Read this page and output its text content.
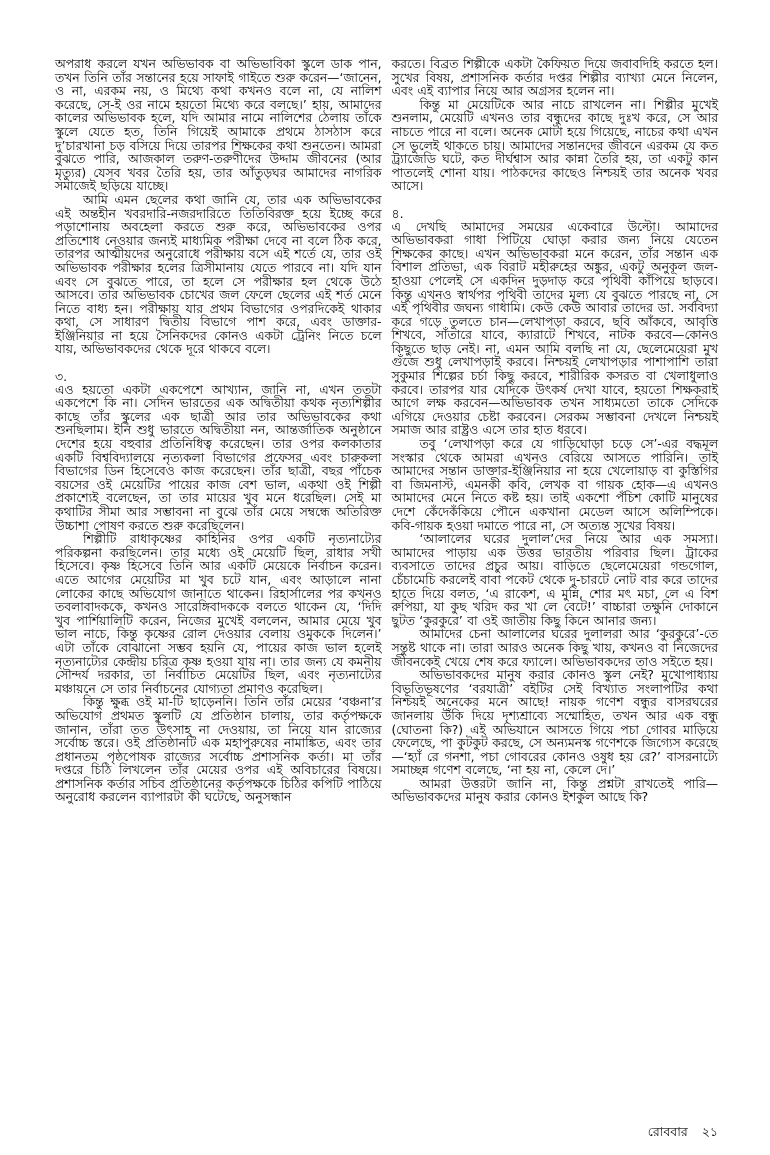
অপরাধ করলে যখন অভিভাবক বা অভিভাবিকা স্কুলে ডাক পান, তখন তিনি তাঁর সন্তানের হয়ে সাফাই গাইতে শুরু করেন—‘জানেন, ও না, এরকম নয়, ও মিথ্যে কথা কখনও বলে না, যে নালিশ করেছে, সে-ই ওর নামে হয়তো মিথ্যে করে বলছে।’ হায়, আমাদের কালের অভিভাবক হলে, যদি আমার নামে নালিশের ঠেলায় তাঁকে স্কুলে যেতে হত, তিনি গিয়েই আমাকে প্রথমে ঠাসঠাস করে দু’চারখানা চড় বসিয়ে দিয়ে তারপর শিক্ষকের কথা শুনতেন। আমরা বুঝতে পারি, আজকাল তরুণ-তরুণীদের উদ্দাম জীবনের (আর মৃত্যুর) যেসব খবর তৈরি হয়, তার আঁতুড়ঘর আমাদের নাগরিক সমাজেই ছড়িয়ে যাচ্ছে।

আমি এমন ছেলের কথা জানি যে, তার এক অভিভাবকের এই অন্তহীন খবরদারি-নজরদারিতে তিতিবিরক্ত হয়ে ইচ্ছে করে পড়াশোনায় অবহেলা করতে শুরু করে, অভিভাবকের ওপর প্রতিশোধ নেওয়ার জন্যই মাধ্যমিক পরীক্ষা দেবে না বলে ঠিক করে, তারপর আত্মীয়দের অনুরোধে পরীক্ষায় বসে এই শর্তে যে, তার ওই অভিভাবক পরীক্ষার হলের ত্রিসীমানায় যেতে পারবে না। যদি যান এবং সে বুঝতে পারে, তা হলে সে পরীক্ষার হল থেকে উঠে আসবে। তার অভিভাবক চোখের জল ফেলে ছেলের এই শর্ত মেনে নিতে বাধ্য হন। পরীক্ষায় যার প্রথম বিভাগের ওপরদিকেই থাকার কথা, সে সাধারণ দ্বিতীয় বিভাগে পাশ করে, এবং ডাক্তার-ইঞ্জিনিয়ার না হয়ে সৈনিকদের কোনও একটা ট্রেনিং নিতে চলে যায়, অভিভাবকদের থেকে দূরে থাকবে বলে।

৩.

এও হয়তো একটা একপেশে আখ্যান, জানি না, এখন ততটা একপেশে কি না। সেদিন ভারতের এক অদ্বিতীয়া কথক নৃত্যশিল্পীর কাছে তাঁর স্কুলের এক ছাত্রী আর তার অভিভাবকের কথা শুনছিলাম। ইনি শুধু ভারতে অদ্বিতীয়া নন, আন্তর্জাতিক অনুষ্ঠানে দেশের হয়ে বহুবার প্রতিনিধিত্ব করেছেন। তার ওপর কলকাতার একটি বিশ্ববিদ্যালয়ে নৃত্যকলা বিভাগের প্রফেসর এবং চারুকলা বিভাগের ডিন হিসেবেও কাজ করেছেন। তাঁর ছাত্রী, বছর পাঁচেক বয়সের ওই মেয়েটির পায়ের কাজ বেশ ভাল, একথা ওই শিল্পী প্রকাশ্যেই বলেছেন, তা তার মায়ের খুব মনে ধরেছিল। সেই মা কথাটির সীমা আর সম্ভাবনা না বুঝে তাঁর মেয়ে সম্বন্ধে অতিরিক্ত উচ্চাশা পোষণ করতে শুরু করেছিলেন।

শিল্পীটি রাধাকৃষ্ণের কাহিনির ওপর একটি নৃত্যনাট্যের পরিকল্পনা করছিলেন। তার মধ্যে ওই মেয়েটি ছিল, রাধার সখী হিসেবে। কৃষ্ণ হিসেবে তিনি আর একটি মেয়েকে নির্বাচন করেন। এতে আগের মেয়েটির মা খুব চটে যান, এবং আড়ালে নানা লোকের কাছে অভিযোগ জানাতে থাকেন। রিহার্সালের পর কখনও তবলাবাদককে, কখনও সারেঙ্গিবাদককে বলতে থাকেন যে, ‘দিদি খুব পার্শিয়ালিটি করেন, নিজের মুখেই বললেন, আমার মেয়ে খুব ভাল নাচে, কিন্তু কৃষ্ণের রোল দেওয়ার বেলায় ওমুককে দিলেন।’ এটা তাঁকে বোঝানো সম্ভব হয়নি যে, পায়ের কাজ ভাল হলেই নৃত্যনাট্যের কেন্দ্রীয় চরিত্র কৃষ্ণ হওয়া যায় না। তার জন্য যে কমনীয় সৌন্দর্য দরকার, তা নির্বাচিত মেয়েটির ছিল, এবং নৃত্যনাট্যের মঞ্চায়নে সে তার নির্বাচনের যোগ্যতা প্রমাণও করেছিল।

কিন্তু ক্ষুব্ধ ওই মা-টি ছাড়েননি। তিনি তাঁর মেয়ের ‘বঞ্চনা’র অভিযোগ প্রথমত স্কুলটি যে প্রতিষ্ঠান চালায়, তার কর্তৃপক্ষকে জানান, তাঁরা তত উৎসাহ না দেওয়ায়, তা নিয়ে যান রাজ্যের সর্বোচ্চ স্তরে। ওই প্রতিষ্ঠানটি এক মহাপুরুষের নামাঙ্কিত, এবং তার প্রধানতম পৃষ্ঠপোষক রাজ্যের সর্বোচ্চ প্রশাসনিক কর্তা। মা তাঁর দপ্তরে চিঠি লিখলেন তাঁর মেয়ের ওপর এই অবিচারের বিষয়ে। প্রশাসনিক কর্তার সচিব প্রতিষ্ঠানের কর্তৃপক্ষকে চিঠির কপিটি পাঠিয়ে অনুরোধ করলেন ব্যাপারটা কী ঘটেছে, অনুসন্ধান

করতে। বিব্রত শিল্পীকে একটা কৈফিয়ত দিয়ে জবাবদিহি করতে হল। সুখের বিষয়, প্রশাসনিক কর্তার দপ্তর শিল্পীর ব্যাখ্যা মেনে নিলেন, এবং এই ব্যাপার নিয়ে আর অগ্রসর হলেন না।

কিন্তু মা মেয়েটিকে আর নাচে রাখলেন না। শিল্পীর মুখেই শুনলাম, মেয়েটি এখনও তার বন্ধুদের কাছে দুঃখ করে, সে আর নাচতে পারে না বলে। অনেক মোটা হয়ে গিয়েছে, নাচের কথা এখন সে ভুলেই থাকতে চায়। আমাদের সন্তানদের জীবনে এরকম যে কত ট্র্যাজেডি ঘটে, কত দীর্ঘশ্বাস আর কান্না তৈরি হয়, তা একটু কান পাতলেই শোনা যায়। পাঠকদের কাছেও নিশ্চয়ই তার অনেক খবর আসে।

৪.

এ দেখছি আমাদের সময়ের একেবারে উল্টো। আমাদের অভিভাবকরা গাধা পিটিয়ে ঘোড়া করার জন্য নিয়ে যেতেন শিক্ষকের কাছে। এখন অভিভাবকরা মনে করেন, তাঁর সন্তান এক বিশাল প্রতিভা, এক বিরাট মহীরুহের অঙ্কুর, একটু অনুকূল জল-হাওয়া পেলেই সে একদিন দুড়দাড় করে পৃথিবী কাঁপিয়ে ছাড়বে। কিন্তু এখনও স্বার্থপর পৃথিবী তাদের মূল্য যে বুঝতে পারছে না, সে এই পৃথিবীর জঘন্য গাধামি। কেউ কেউ আবার তাদের ডা. সর্ববিদ্যা করে গড়ে তুলতে চান—লেখাপড়া করবে, ছবি আঁকবে, আবৃত্তি শিখবে, সাঁতারে যাবে, ক্যারাটে শিখবে, নাটক করবে—কোনও কিছুতে ছাড় নেই। না, এমন আমি বলছি না যে, ছেলেমেয়েরা মুখ গুঁজে শুধু লেখাপড়াই করবে। নিশ্চয়ই লেখাপড়ার পাশাপাশি তারা সুকুমার শিল্পের চর্চা কিছু করবে, শারীরিক কসরত বা খেলাধুলাও করবে। তারপর যার যেদিকে উৎকর্ষ দেখা যাবে, হয়তো শিক্ষকরাই আগে লক্ষ করবেন—অভিভাবক তখন সাধ্যমতো তাকে সেদিকে এগিয়ে দেওয়ার চেষ্টা করবেন। সেরকম সম্ভাবনা দেখলে নিশ্চয়ই সমাজ আর রাষ্ট্রও এসে তার হাত ধরবে।

তবু ‘লেখাপড়া করে যে গাড়িঘোড়া চড়ে সে’-এর বদ্ধমূল সংস্কার থেকে আমরা এখনও বেরিয়ে আসতে পারিনি। তাই আমাদের সন্তান ডাক্তার-ইঞ্জিনিয়ার না হয়ে খেলোয়াড় বা কুস্তিগির বা জিমনাস্ট, এমনকী কবি, লেখক বা গায়ক হোক—এ এখনও আমাদের মেনে নিতে কষ্ট হয়। তাই একশো পঁচিশ কোটি মানুষের দেশে কেঁদেকঁকিয়ে পৌনে একখানা মেডেল আসে অলিম্পিকে। কবি-গায়ক হওয়া দমাতে পারে না, সে অত্যন্ত সুখের বিষয়।

‘আলালের ঘরের দুলাল’দের নিয়ে আর এক সমস্যা। আমাদের পাড়ায় এক উত্তর ভারতীয় পরিবার ছিল। ট্রাকের ব্যবসাতে তাদের প্রচুর আয়। বাড়িতে ছেলেমেয়েরা গন্ডগোল, চেঁচামেচি করলেই বাবা পকেট থেকে দু-চারটে নোট বার করে তাদের হাতে দিয়ে বলত, ‘এ রাকেশ, এ মুন্নি, শোর মৎ মচা, লে এ বিশ রুপিয়া, যা কুছ খরিদ কর খা লে বেটে!’ বাচ্চারা তক্ষুনি দোকানে ছুটত ‘কুরকুরে’ বা ওই জাতীয় কিছু কিনে আনার জন্য।

আমাদের চেনা আলালের ঘরের দুলালরা আর ‘কুরকুরে’-তে সন্তুষ্ট থাকে না। তারা আরও অনেক কিছু খায়, কখনও বা নিজেদের জীবনকেই খেয়ে শেষ করে ফ্যালে। অভিভাবকদের তাও সইতে হয়।

অভিভাবকদের মানুষ করার কোনও স্কুল নেই? মুখোপাধ্যায় বিভূতিভূষণের ‘বরযাত্রী’ বইটির সেই বিখ্যাত সংলাপটির কথা নিশ্চয়ই অনেকের মনে আছে! নায়ক গণেশ বন্ধুর বাসরঘরের জানলায় উঁকি দিয়ে দৃশ্যশ্রাব্যে সম্মোহিত, তখন আর এক বন্ধু (ঘোতনা কি?) এই অভিযানে আসতে গিয়ে পচা গোবর মাড়িয়ে ফেলেছে, পা কুটকুট করছে, সে অন্যমনস্ক গণেশকে জিগ্যেস করেছে—‘হ্যাঁ রে গনশা, পচা গোবরের কোনও ওষুধ হয় রে?’ বাসরনাট্যে সমাচ্ছন্ন গণেশ বলেছে, ‘না হয় না, কেলে দে।’

আমরা উত্তরটা জানি না, কিন্তু প্রশ্নটা রাখতেই পারি—অভিভাবকদের মানুষ করার কোনও ইশকুল আছে কি?

রোববার ২১
